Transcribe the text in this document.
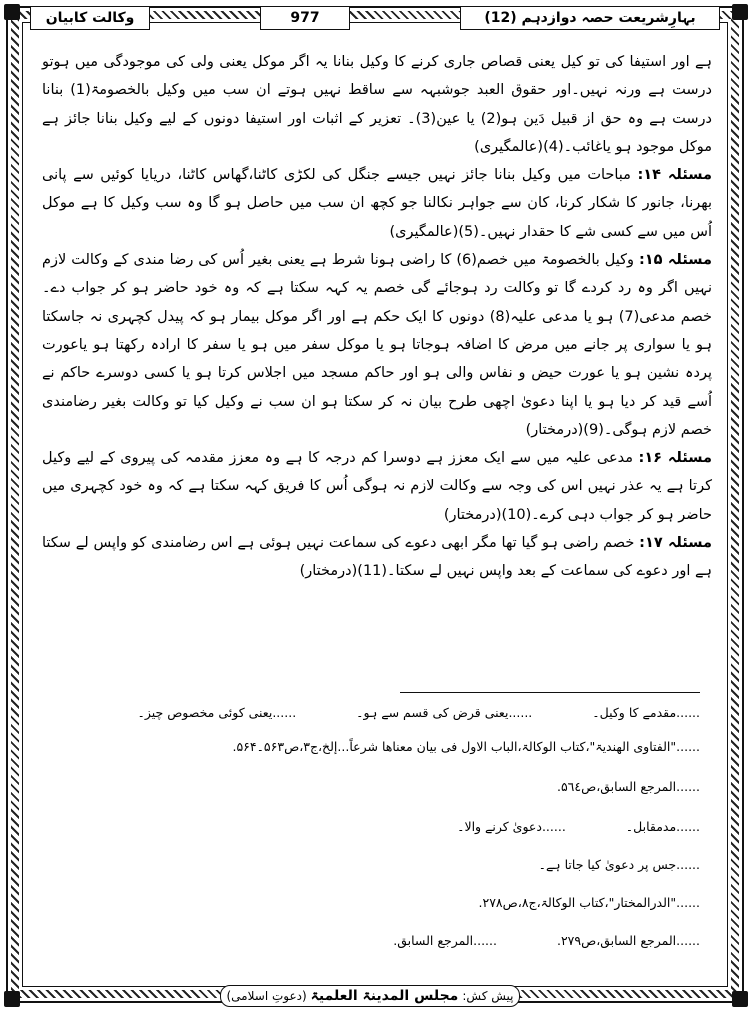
وکالت کابیان	977	بہارِشریعت حصہ دوازدہم (12)

ہے اور استیفا کی تو کیل یعنی قصاص جاری کرنے کا وکیل بنانا یہ اگر موکل یعنی ولی کی موجودگی میں ہوتو درست ہے ورنہ نہیں۔اور حقوق العبد جوشبہہ سے ساقط نہیں ہوتے ان سب میں وکیل بالخصومۃ(1) بنانا درست ہے وہ حق از قبیل دَین ہو(2) یا عین(3)۔ تعزیر کے اثبات اور استیفا دونوں کے لیے وکیل بنانا جائز ہے موکل موجود ہو یاغائب۔(4)(عالمگیری)

مسئلہ ۱۴: مباحات میں وکیل بنانا جائز نہیں جیسے جنگل کی لکڑی کاٹنا،گھاس کاٹنا، دریایا کوئیں سے پانی بھرنا، جانور کا شکار کرنا، کان سے جواہر نکالنا جو کچھ ان سب میں حاصل ہو گا وہ سب وکیل کا ہے موکل اُس میں سے کسی شے کا حقدار نہیں۔(5)(عالمگیری)

مسئلہ ۱۵: وکیل بالخصومۃ میں خصم(6) کا راضی ہونا شرط ہے یعنی بغیر اُس کی رضا مندی کے وکالت لازم نہیں اگر وہ رد کردے گا تو وکالت رد ہوجائے گی خصم یہ کہہ سکتا ہے کہ وہ خود حاضر ہو کر جواب دے۔ خصم مدعی(7) ہو یا مدعی علیہ(8) دونوں کا ایک حکم ہے اور اگر موکل بیمار ہو کہ پیدل کچہری نہ جاسکتا ہو یا سواری پر جانے میں مرض کا اضافہ ہوجاتا ہو یا موکل سفر میں ہو یا سفر کا ارادہ رکھتا ہو یاعورت پردہ نشین ہو یا عورت حیض و نفاس والی ہو اور حاکم مسجد میں اجلاس کرتا ہو یا کسی دوسرے حاکم نے اُسے قید کر دیا ہو یا اپنا دعویٰ اچھی طرح بیان نہ کر سکتا ہو ان سب نے وکیل کیا تو وکالت بغیر رضامندی خصم لازم ہوگی۔(9)(درمختار)

مسئلہ ۱۶: مدعی علیہ میں سے ایک معزز ہے دوسرا کم درجہ کا ہے وہ معزز مقدمہ کی پیروی کے لیے وکیل کرتا ہے یہ عذر نہیں اس کی وجہ سے وکالت لازم نہ ہوگی اُس کا فریق کہہ سکتا ہے کہ وہ خود کچہری میں حاضر ہو کر جواب دہی کرے۔(10)(درمختار)

مسئلہ ۱۷: خصم راضی ہو گیا تھا مگر ابھی دعوے کی سماعت نہیں ہوئی ہے اس رضامندی کو واپس لے سکتا ہے اور دعوے کی سماعت کے بعد واپس نہیں لے سکتا۔(11)(درمختار)

......مقدمے کا وکیل۔
......یعنی قرض کی قسم سے ہو۔
......یعنی کوئی مخصوص چیز۔
......"الفتاوی الھندیۃ"،کتاب الوکالۃ،الباب الاول فی بیان معناھا شرعاً...إلخ،ج۳،ص۵۶۳۔۵۶۴.
......المرجع السابق،ص۵٦٤.
......مدمقابل۔
......دعویٰ کرنے والا۔
......جس پر دعویٰ کیا جاتا ہے۔
......"الدرالمختار"،کتاب الوکالۃ،ج۸،ص۲۷۸.
......المرجع السابق،ص۲۷۹.
......المرجع السابق.
پیش کش:
مجلس المدینۃ العلمیۃ
(دعوتِ اسلامی)
